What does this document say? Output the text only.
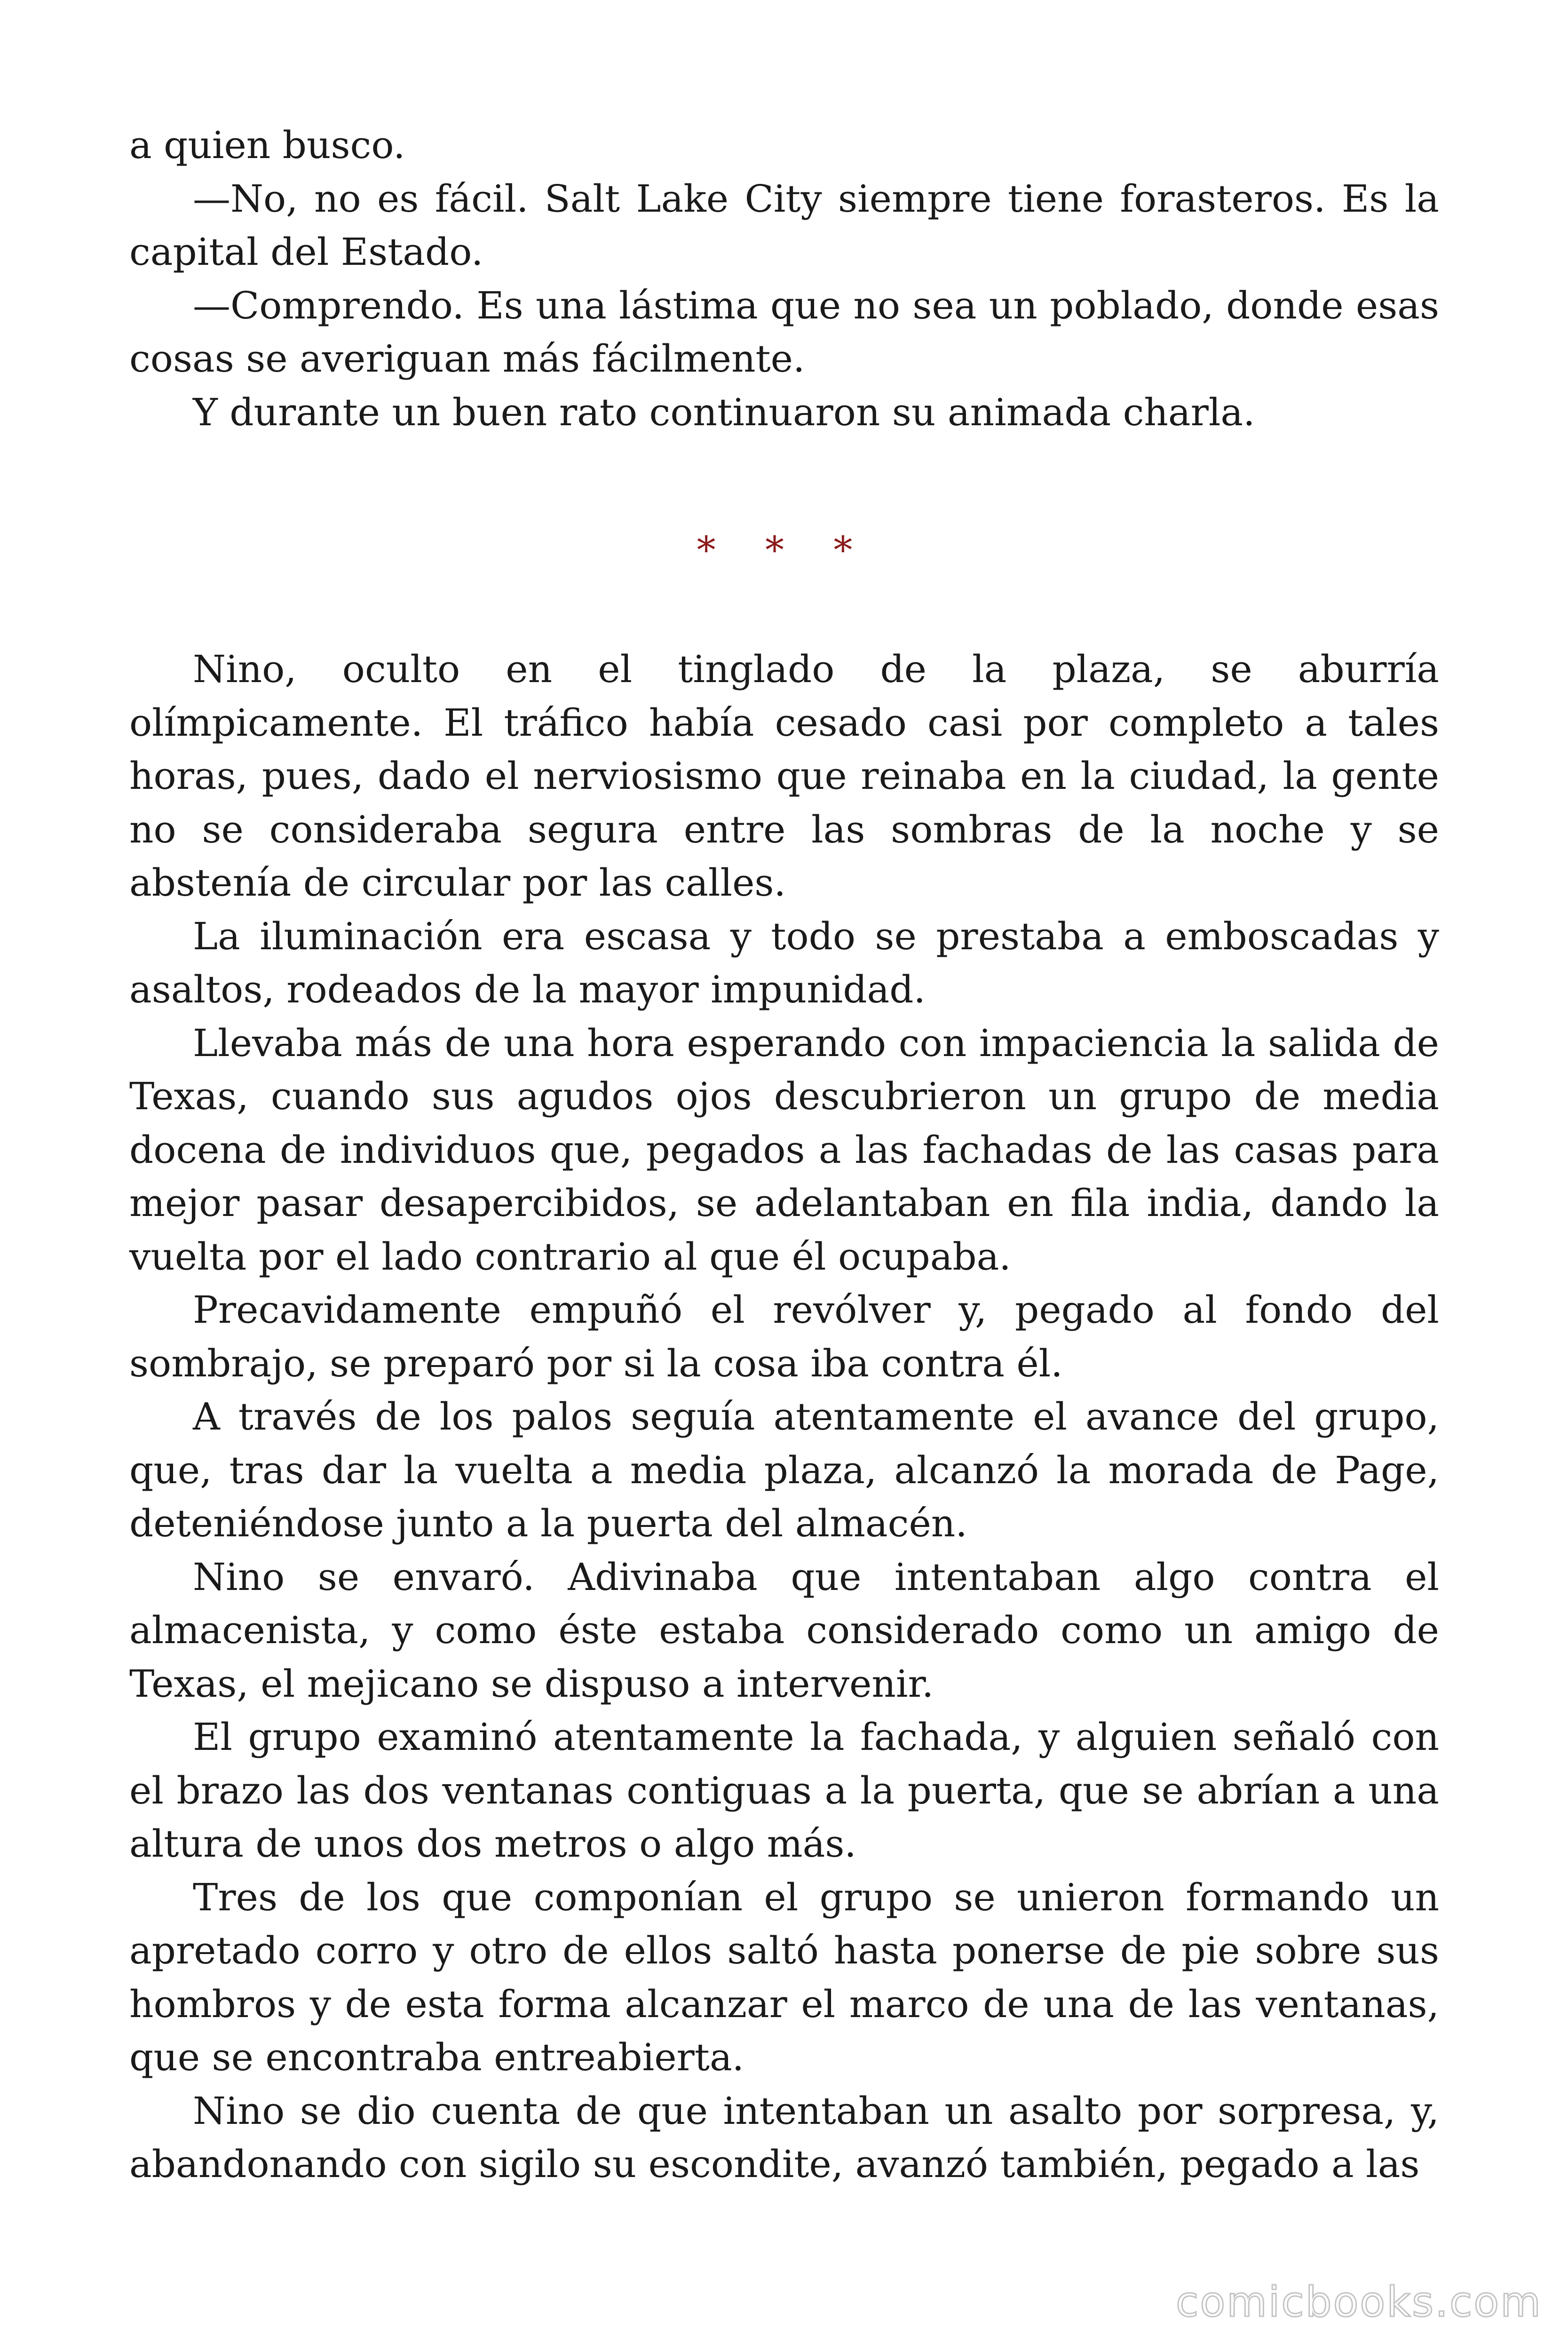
a quien busco.

—No, no es fácil. Salt Lake City siempre tiene forasteros. Es la capital del Estado.

—Comprendo. Es una lástima que no sea un poblado, donde esas cosas se averiguan más fácilmente.

Y durante un buen rato continuaron su animada charla.

* * *

Nino, oculto en el tinglado de la plaza, se aburría olímpicamente. El tráfico había cesado casi por completo a tales horas, pues, dado el nerviosismo que reinaba en la ciudad, la gente no se consideraba segura entre las sombras de la noche y se abstenía de circular por las calles.

La iluminación era escasa y todo se prestaba a emboscadas y asaltos, rodeados de la mayor impunidad.

Llevaba más de una hora esperando con impaciencia la salida de Texas, cuando sus agudos ojos descubrieron un grupo de media docena de individuos que, pegados a las fachadas de las casas para mejor pasar desapercibidos, se adelantaban en fila india, dando la vuelta por el lado contrario al que él ocupaba.

Precavidamente empuñó el revólver y, pegado al fondo del sombrajo, se preparó por si la cosa iba contra él.

A través de los palos seguía atentamente el avance del grupo, que, tras dar la vuelta a media plaza, alcanzó la morada de Page, deteniéndose junto a la puerta del almacén.

Nino se envaró. Adivinaba que intentaban algo contra el almacenista, y como éste estaba considerado como un amigo de Texas, el mejicano se dispuso a intervenir.

El grupo examinó atentamente la fachada, y alguien señaló con el brazo las dos ventanas contiguas a la puerta, que se abrían a una altura de unos dos metros o algo más.

Tres de los que componían el grupo se unieron formando un apretado corro y otro de ellos saltó hasta ponerse de pie sobre sus hombros y de esta forma alcanzar el marco de una de las ventanas, que se encontraba entreabierta.

Nino se dio cuenta de que intentaban un asalto por sorpresa, y, abandonando con sigilo su escondite, avanzó también, pegado a las

comicbooks.com
